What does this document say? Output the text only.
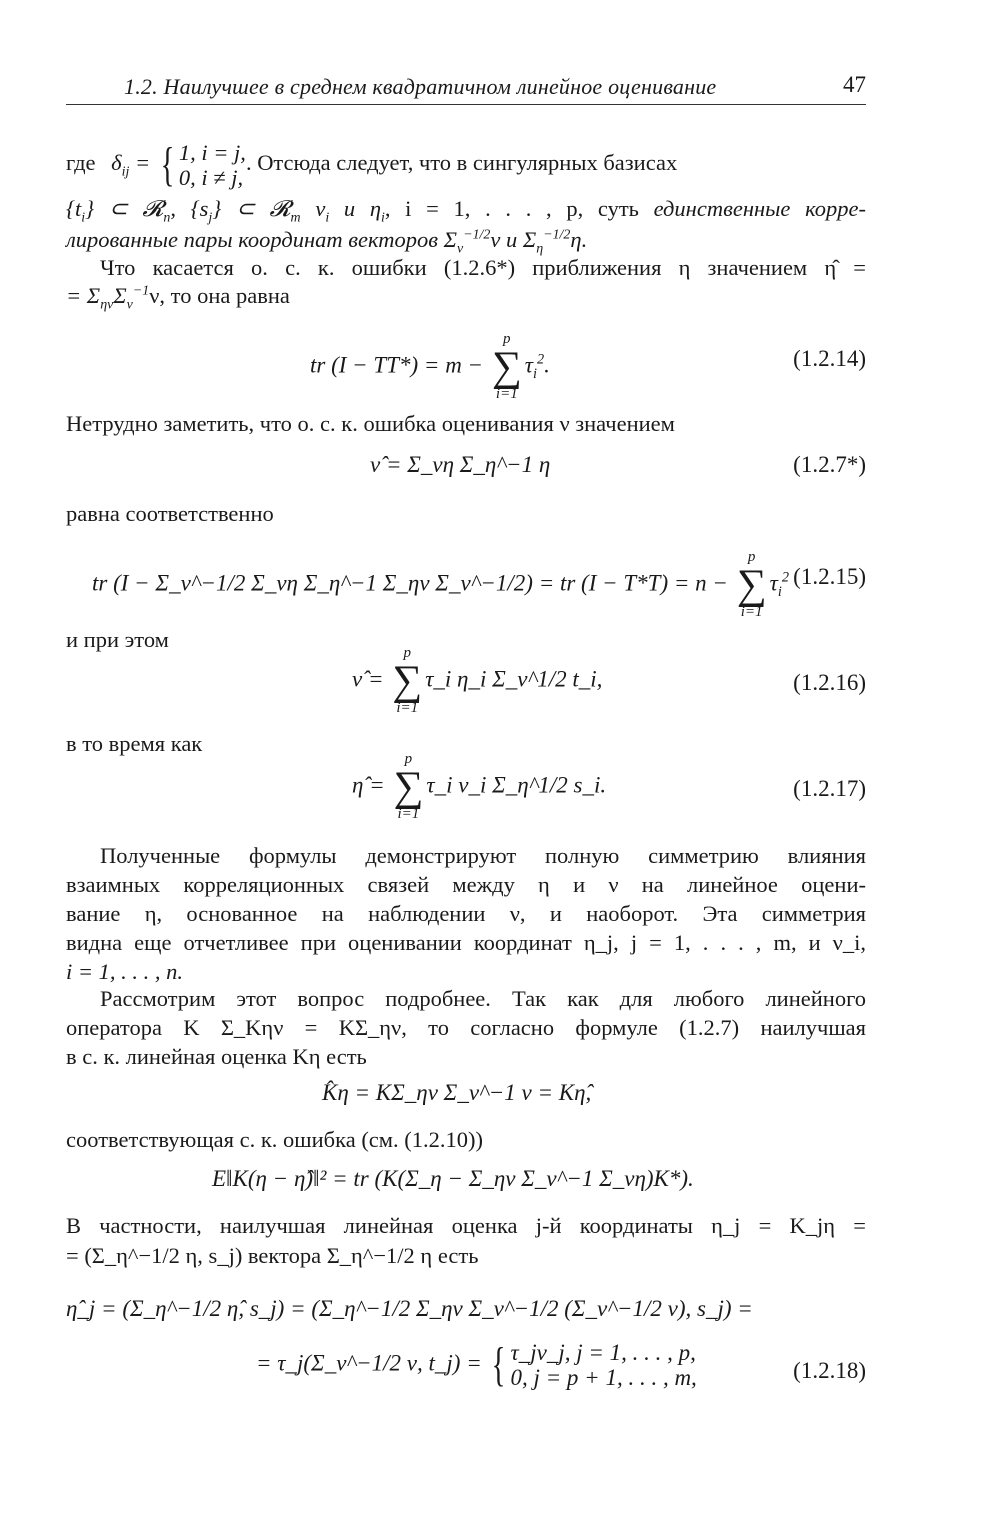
1.2. Наилучшее в среднем квадратичном линейное оценивание	47
где $\delta_{ij}$ = { 1, i = j,
0, i ≠ j,
. Отсюда следует, что в сингулярных базисах
$\{t_i\}$ ⊂ 𝓡$_n$, $\{s_j\}$ ⊂ 𝓡$_m$ $\nu_i$ и $\eta_i$, i = 1, . . . , p, суть единственные корре-
лированные пары координат векторов $\Sigma_\nu^{-1/2}\nu$ и $\Sigma_\eta^{-1/2}\eta$.
Что касается о. с. к. ошибки (1.2.6*) приближения η значением η̂ =
= $\Sigma_{\eta\nu}\Sigma_\nu^{-1}\nu$, то она равна
tr (I − TT*) = m − p
∑
$i=1\tau_i^2$.	(1.2.14)
Нетрудно заметить, что о. с. к. ошибка оценивания ν значением
ν̂ = Σ_νη Σ_η^−1 η	(1.2.7*)
равна соответственно
tr (I − Σ_ν^−1/2 Σ_νη Σ_η^−1 Σ_ην Σ_ν^−1/2) = tr (I − T*T) = n − p
∑
$i=1\tau_i^2$ (1.2.15)
и при этом
ν̂ = p
∑
i=1τ_i η_i Σ_ν^1/2 t_i,	(1.2.16)
в то время как
η̂ = p
∑
i=1τ_i ν_i Σ_η^1/2 s_i.	(1.2.17)
Полученные формулы демонстрируют полную симметрию влияния
взаимных корреляционных связей между η и ν на линейное оцени-
вание η, основанное на наблюдении ν, и наоборот. Эта симметрия
видна еще отчетливее при оценивании координат η_j, j = 1, . . . , m, и ν_i,
i = 1, . . . , n.
Рассмотрим этот вопрос подробнее. Так как для любого линейного
оператора K Σ_Kην = KΣ_ην, то согласно формуле (1.2.7) наилучшая
в с. к. линейная оценка Kη есть
K̂η = KΣ_ην Σ_ν^−1 ν = Kη̂,
соответствующая с. к. ошибка (см. (1.2.10))
E‖K(η − η̂)‖² = tr (K(Σ_η − Σ_ην Σ_ν^−1 Σ_νη)K*).
В частности, наилучшая линейная оценка j-й координаты η_j = K_jη =
= (Σ_η^−1/2 η, s_j) вектора Σ_η^−1/2 η есть
η̂_j = (Σ_η^−1/2 η̂, s_j) = (Σ_η^−1/2 Σ_ην Σ_ν^−1/2 (Σ_ν^−1/2 ν), s_j) =
= τ_j(Σ_ν^−1/2 ν, t_j) = { τ_jν_j, j = 1, . . . , p,
0, j = p + 1, . . . , m,	(1.2.18)
